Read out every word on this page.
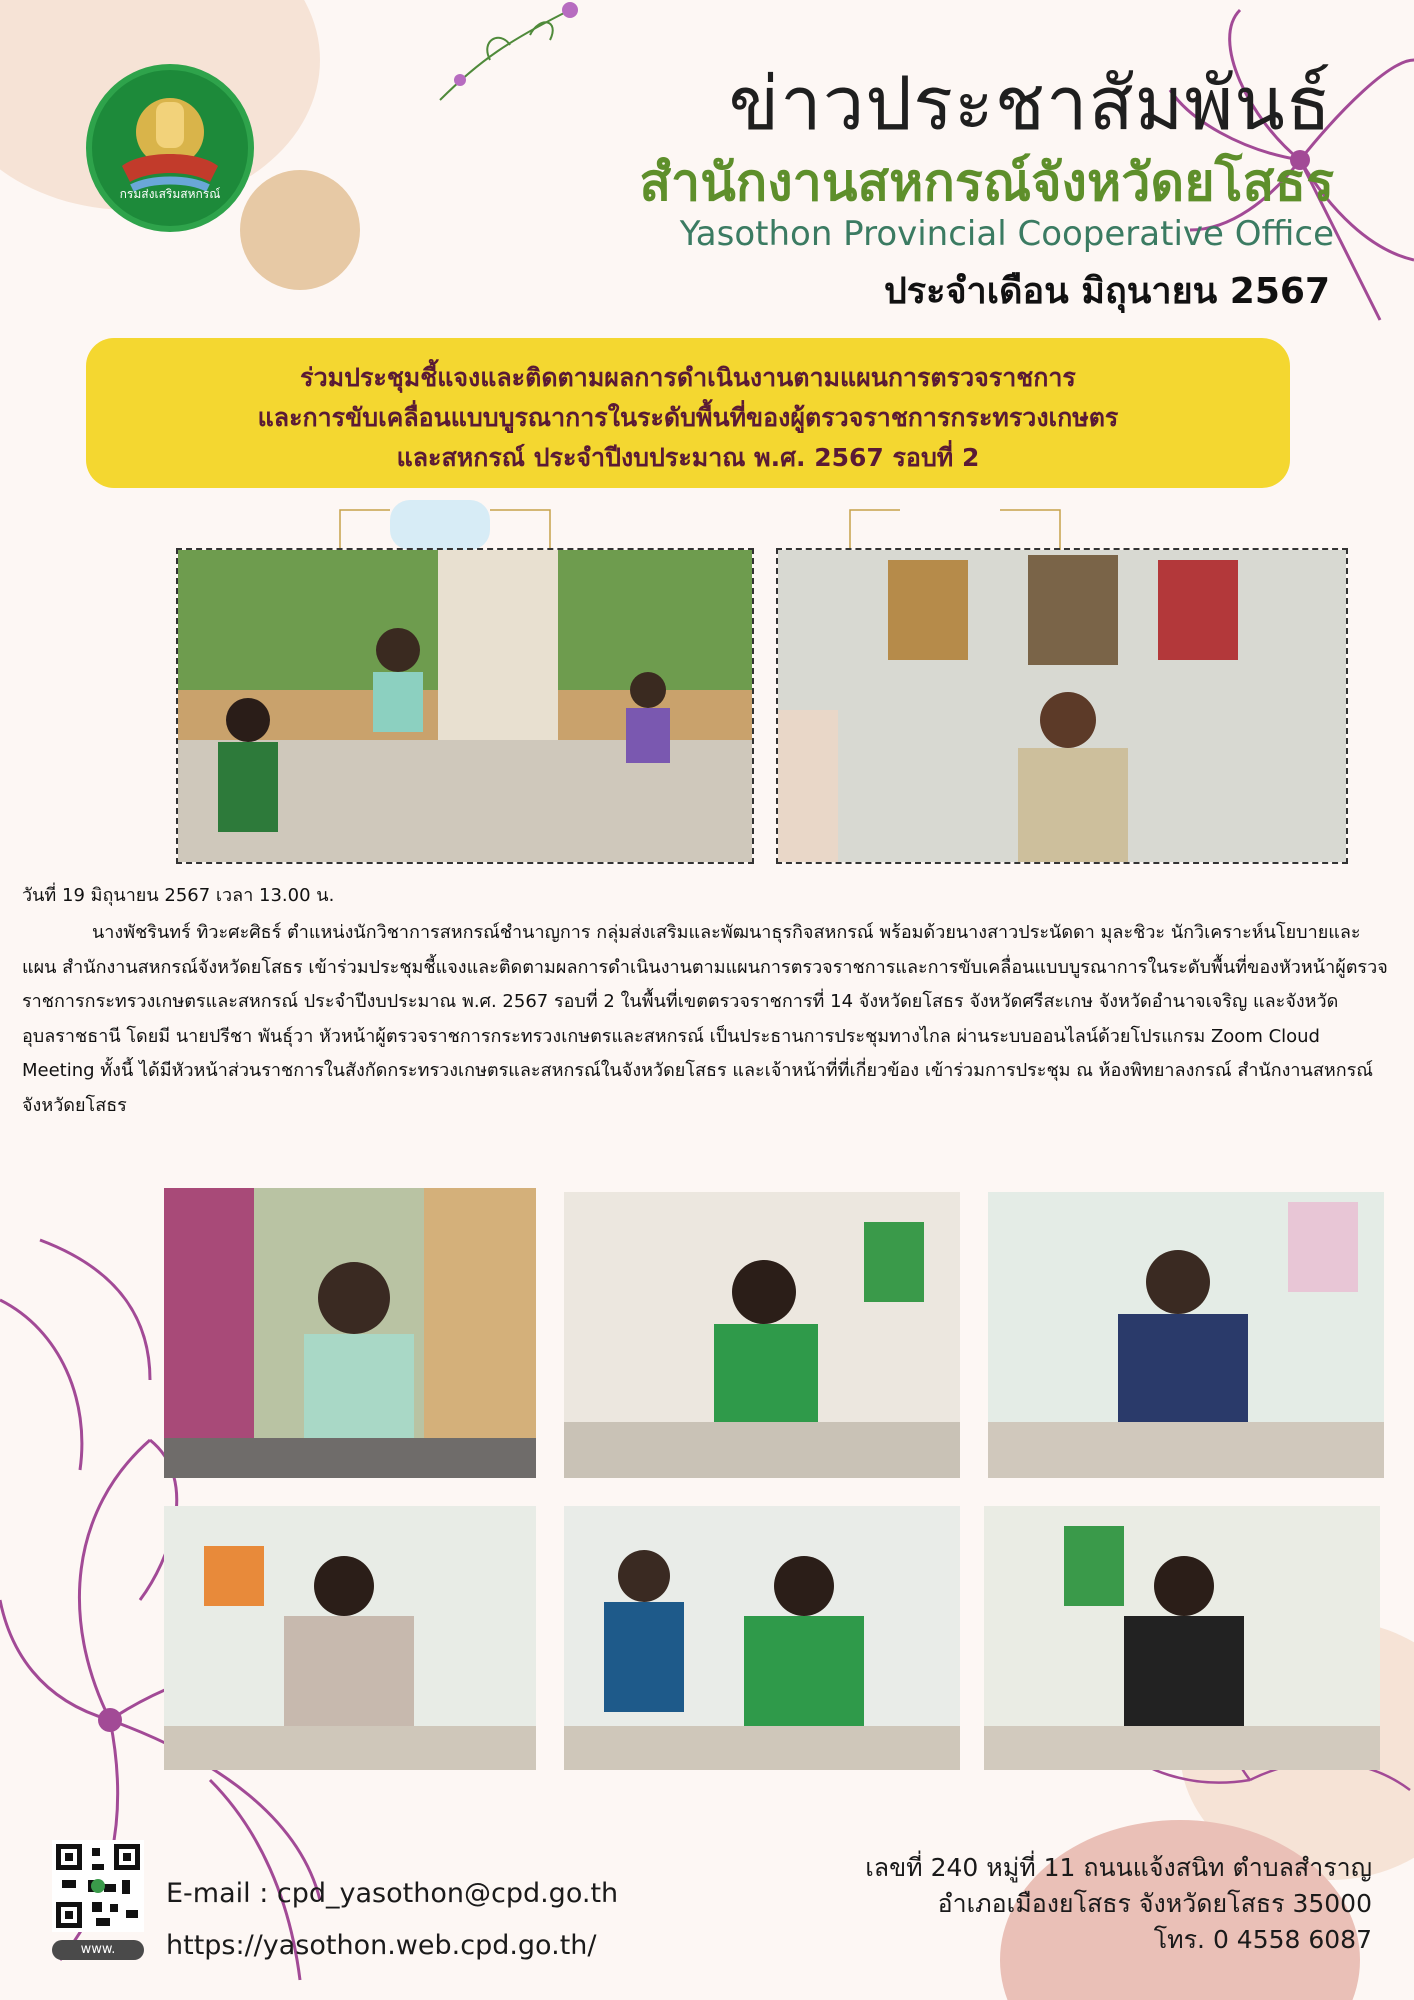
กรมส่งเสริมสหกรณ์
ข่าวประชาสัมพันธ์
สำนักงานสหกรณ์จังหวัดยโสธร
Yasothon Provincial Cooperative Office
ประจำเดือน มิถุนายน 2567
ร่วมประชุมชี้แจงและติดตามผลการดำเนินงานตามแผนการตรวจราชการ
และการขับเคลื่อนแบบบูรณาการในระดับพื้นที่ของผู้ตรวจราชการกระทรวงเกษตร
และสหกรณ์ ประจำปีงบประมาณ พ.ศ. 2567 รอบที่ 2
วันที่ 19 มิถุนายน 2567 เวลา 13.00 น.
นางพัชรินทร์ ทิวะศะศิธร์ ตำแหน่งนักวิชาการสหกรณ์ชำนาญการ กลุ่มส่งเสริมและพัฒนาธุรกิจสหกรณ์ พร้อมด้วยนางสาวประนัดดา มุละชิวะ นักวิเคราะห์นโยบายและแผน สำนักงานสหกรณ์จังหวัดยโสธร เข้าร่วมประชุมชี้แจงและติดตามผลการดำเนินงานตามแผนการตรวจราชการและการขับเคลื่อนแบบบูรณาการในระดับพื้นที่ของหัวหน้าผู้ตรวจราชการกระทรวงเกษตรและสหกรณ์ ประจำปีงบประมาณ พ.ศ. 2567 รอบที่ 2 ในพื้นที่เขตตรวจราชการที่ 14 จังหวัดยโสธร จังหวัดศรีสะเกษ จังหวัดอำนาจเจริญ และจังหวัดอุบลราชธานี โดยมี นายปรีชา พันธุ์วา หัวหน้าผู้ตรวจราชการกระทรวงเกษตรและสหกรณ์ เป็นประธานการประชุมทางไกล ผ่านระบบออนไลน์ด้วยโปรแกรม Zoom Cloud Meeting ทั้งนี้ ได้มีหัวหน้าส่วนราชการในสังกัดกระทรวงเกษตรและสหกรณ์ในจังหวัดยโสธร และเจ้าหน้าที่ที่เกี่ยวข้อง เข้าร่วมการประชุม ณ ห้องพิทยาลงกรณ์ สำนักงานสหกรณ์จังหวัดยโสธร
www.
E-mail : cpd_yasothon@cpd.go.th
https://yasothon.web.cpd.go.th/
เลขที่ 240 หมู่ที่ 11 ถนนแจ้งสนิท ตำบลสำราญ
อำเภอเมืองยโสธร จังหวัดยโสธร 35000
โทร. 0 4558 6087
